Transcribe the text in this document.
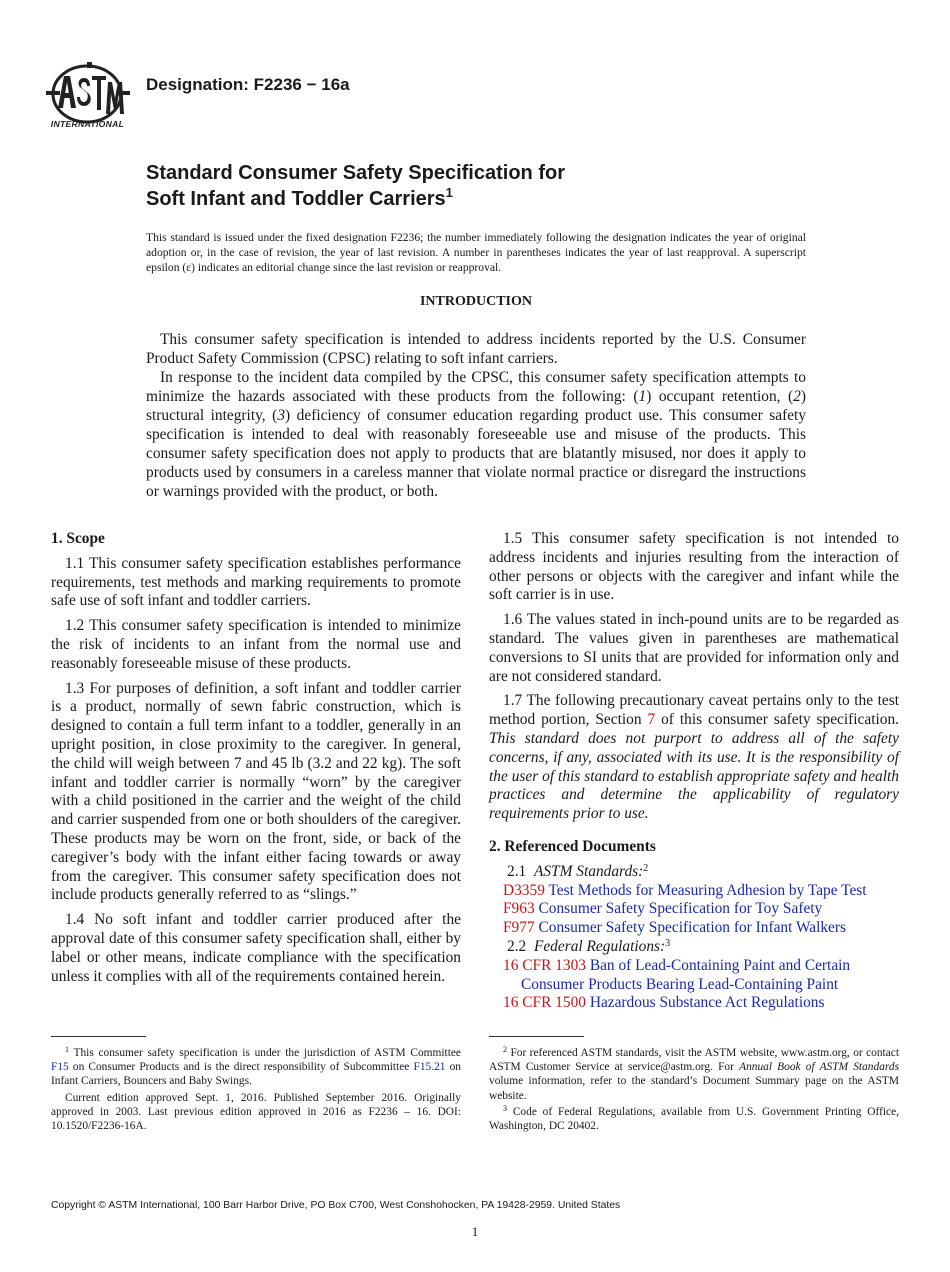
INTERNATIONAL
Designation: F2236 − 16a
Standard Consumer Safety Specification for
Soft Infant and Toddler Carriers$^1$
This standard is issued under the fixed designation F2236; the number immediately following the designation indicates the year of original adoption or, in the case of revision, the year of last revision. A number in parentheses indicates the year of last reapproval. A superscript epsilon (ε) indicates an editorial change since the last revision or reapproval.
INTRODUCTION

This consumer safety specification is intended to address incidents reported by the U.S. Consumer Product Safety Commission (CPSC) relating to soft infant carriers.

In response to the incident data compiled by the CPSC, this consumer safety specification attempts to minimize the hazards associated with these products from the following: (1) occupant retention, (2) structural integrity, (3) deficiency of consumer education regarding product use. This consumer safety specification is intended to deal with reasonably foreseeable use and misuse of the products. This consumer safety specification does not apply to products that are blatantly misused, nor does it apply to products used by consumers in a careless manner that violate normal practice or disregard the instructions or warnings provided with the product, or both.

1. Scope

1.1 This consumer safety specification establishes performance requirements, test methods and marking requirements to promote safe use of soft infant and toddler carriers.

1.2 This consumer safety specification is intended to minimize the risk of incidents to an infant from the normal use and reasonably foreseeable misuse of these products.

1.3 For purposes of definition, a soft infant and toddler carrier is a product, normally of sewn fabric construction, which is designed to contain a full term infant to a toddler, generally in an upright position, in close proximity to the caregiver. In general, the child will weigh between 7 and 45 lb (3.2 and 22 kg). The soft infant and toddler carrier is normally “worn” by the caregiver with a child positioned in the carrier and the weight of the child and carrier suspended from one or both shoulders of the caregiver. These products may be worn on the front, side, or back of the caregiver’s body with the infant either facing towards or away from the caregiver. This consumer safety specification does not include products generally referred to as “slings.”

1.4 No soft infant and toddler carrier produced after the approval date of this consumer safety specification shall, either by label or other means, indicate compliance with the specification unless it complies with all of the requirements contained herein.

1.5 This consumer safety specification is not intended to address incidents and injuries resulting from the interaction of other persons or objects with the caregiver and infant while the soft carrier is in use.

1.6 The values stated in inch-pound units are to be regarded as standard. The values given in parentheses are mathematical conversions to SI units that are provided for information only and are not considered standard.

1.7 The following precautionary caveat pertains only to the test method portion, Section 7 of this consumer safety specification. This standard does not purport to address all of the safety concerns, if any, associated with its use. It is the responsibility of the user of this standard to establish appropriate safety and health practices and determine the applicability of regulatory requirements prior to use.

2. Referenced Documents
2.1 ASTM Standards:$^2$
D3359 Test Methods for Measuring Adhesion by Tape Test
F963 Consumer Safety Specification for Toy Safety
F977 Consumer Safety Specification for Infant Walkers
2.2 Federal Regulations:$^3$
16 CFR 1303 Ban of Lead-Containing Paint and Certain Consumer Products Bearing Lead-Containing Paint
16 CFR 1500 Hazardous Substance Act Regulations

$^1$ This consumer safety specification is under the jurisdiction of ASTM Committee F15 on Consumer Products and is the direct responsibility of Subcommittee F15.21 on Infant Carriers, Bouncers and Baby Swings.

Current edition approved Sept. 1, 2016. Published September 2016. Originally approved in 2003. Last previous edition approved in 2016 as F2236 – 16. DOI: 10.1520/F2236-16A.

$^2$ For referenced ASTM standards, visit the ASTM website, www.astm.org, or contact ASTM Customer Service at service@astm.org. For Annual Book of ASTM Standards volume information, refer to the standard’s Document Summary page on the ASTM website.

$^3$ Code of Federal Regulations, available from U.S. Government Printing Office, Washington, DC 20402.

Copyright © ASTM International, 100 Barr Harbor Drive, PO Box C700, West Conshohocken, PA 19428-2959. United States
1
